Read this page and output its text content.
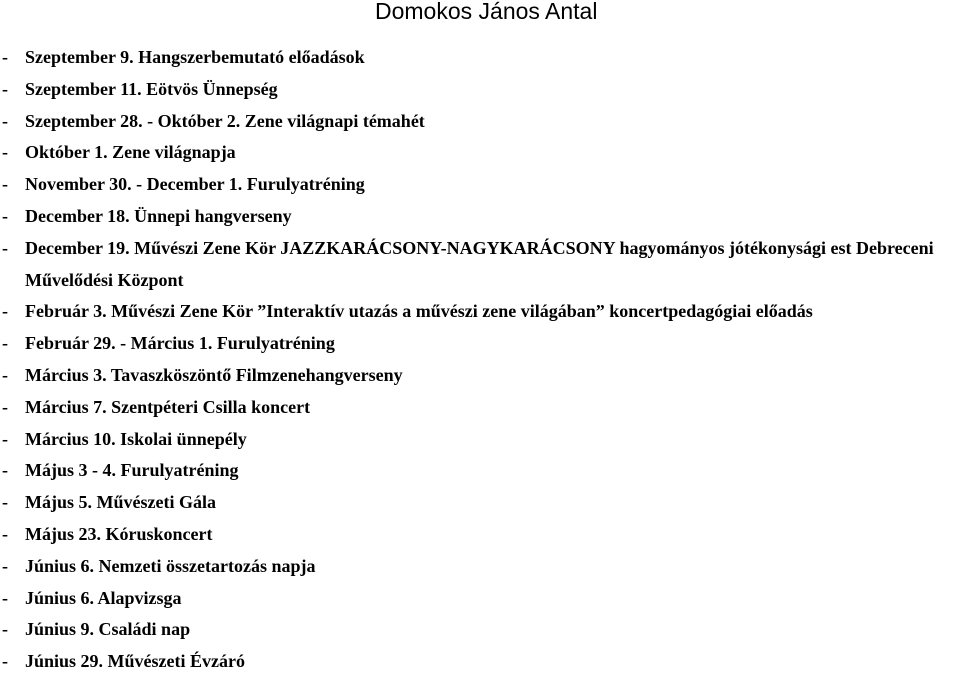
Domokos János Antal
- Szeptember 9. Hangszerbemutató előadások
- Szeptember 11. Eötvös Ünnepség
- Szeptember 28. - Október 2. Zene világnapi témahét
- Október 1. Zene világnapja
- November 30. - December 1. Furulyatréning
- December 18. Ünnepi hangverseny
- December 19. Művészi Zene Kör JAZZKARÁCSONY-NAGYKARÁCSONY hagyományos jótékonysági est Debreceni
Művelődési Központ
- Február 3. Művészi Zene Kör ”Interaktív utazás a művészi zene világában” koncertpedagógiai előadás
- Február 29. - Március 1. Furulyatréning
- Március 3. Tavaszköszöntő Filmzenehangverseny
- Március 7. Szentpéteri Csilla koncert
- Március 10. Iskolai ünnepély
- Május 3 - 4. Furulyatréning
- Május 5. Művészeti Gála
- Május 23. Kóruskoncert
- Június 6. Nemzeti összetartozás napja
- Június 6. Alapvizsga
- Június 9. Családi nap
- Június 29. Művészeti Évzáró
